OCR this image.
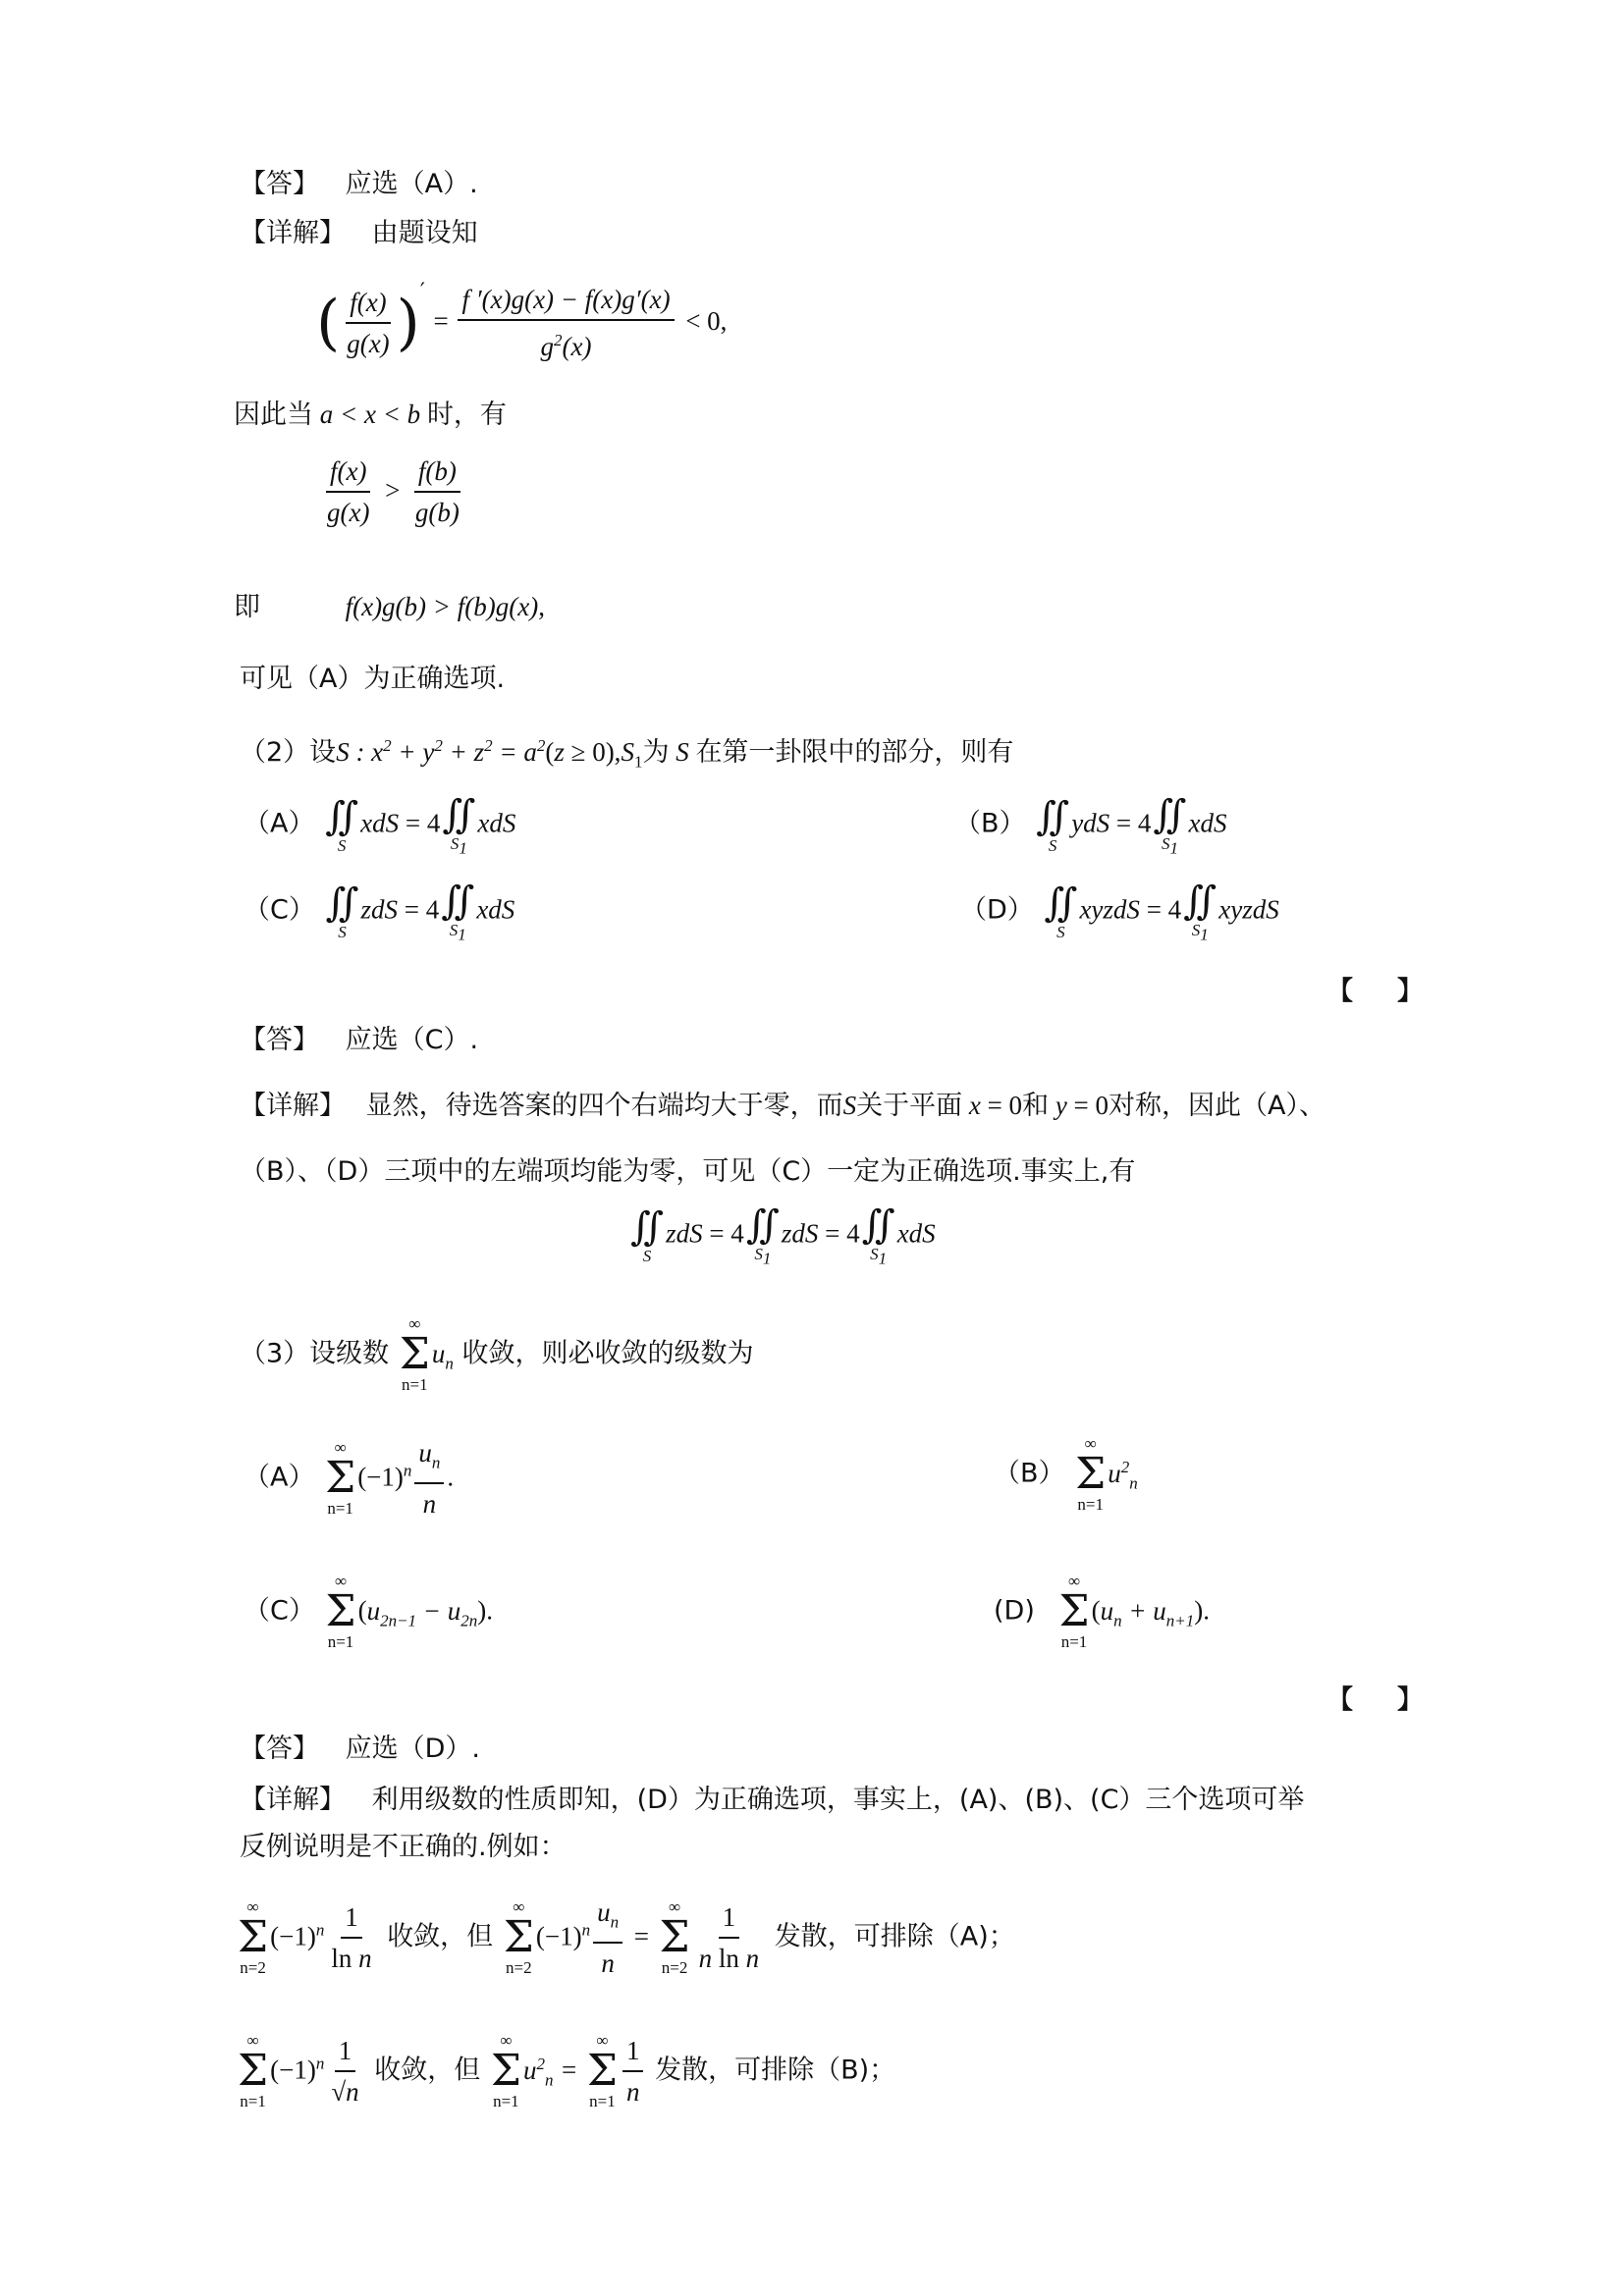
【答】 应选（A）.
【详解】 由题设知
( $\frac{f(x)}{g(x)} )' = \frac{f '(x)g(x) - f(x)g'(x)}{g^2(x)} < 0$,
因此当 a < x < b 时，有
$\frac{f(x)}{g(x)} > \frac{f(b)}{g(b)}$
即	f(x)g(b) > f(b)g(x),
可见（A）为正确选项.
（2）设S : $x^2 + y^2 + z^2 = a^2(z \ge 0),S_1$为 S 在第一卦限中的部分，则有
（A） ∬
S
xdS = 4 ∬
$S_1$
xdS	（B） ∬
S
ydS = 4 ∬
$S_1$
xdS
（C） ∬
S
zdS = 4 ∬
$S_1$
xdS	（D） ∬
S
xyzdS = 4 ∬
$S_1$
xyzdS
【 】
【答】 应选（C）.
【详解】 显然，待选答案的四个右端均大于零，而S关于平面 x = 0和 y = 0对称，因此（A）、
（B）、（D）三项中的左端项均能为零，可见（C）一定为正确选项.事实上,有
∬
S
zdS = 4 ∬
$S_1$
zdS = 4 ∬
$S_1$
xdS
（3）设级数
∞
Σ
n=1
$u_n$ 收敛，则必收敛的级数为
（A）
∞
Σ
n=1
$(-1)^n \frac{u_n}{n}$ .	（B）
∞
Σ
n=1
$u^2_n$
（C）
∞
Σ
n=1
$(u_{2n-1} - u_{2n})$.	(D)
∞
Σ
n=1
$(u_n + u_{n+1})$.
【 】
【答】 应选（D）.
【详解】 利用级数的性质即知，(D）为正确选项，事实上，(A)、(B)、(C）三个选项可举
反例说明是不正确的.例如：
∞
Σ
n=2
$(-1)^n \frac{1}{\text{ln n}}$ 收敛，但
∞
Σ
n=2
$(-1)^n \frac{u_n}{n}$ =
∞
Σ
$n=2 \frac{1}{\text{n ln n}}$ 发散，可排除（A)；
∞
Σ
n=1
$(-1)^n \frac{1}{√n}$ 收敛，但
∞
Σ
n=1
$u^2_n$ =
∞
Σ
$n=1 \frac{1}{n}$ 发散，可排除（B)；
